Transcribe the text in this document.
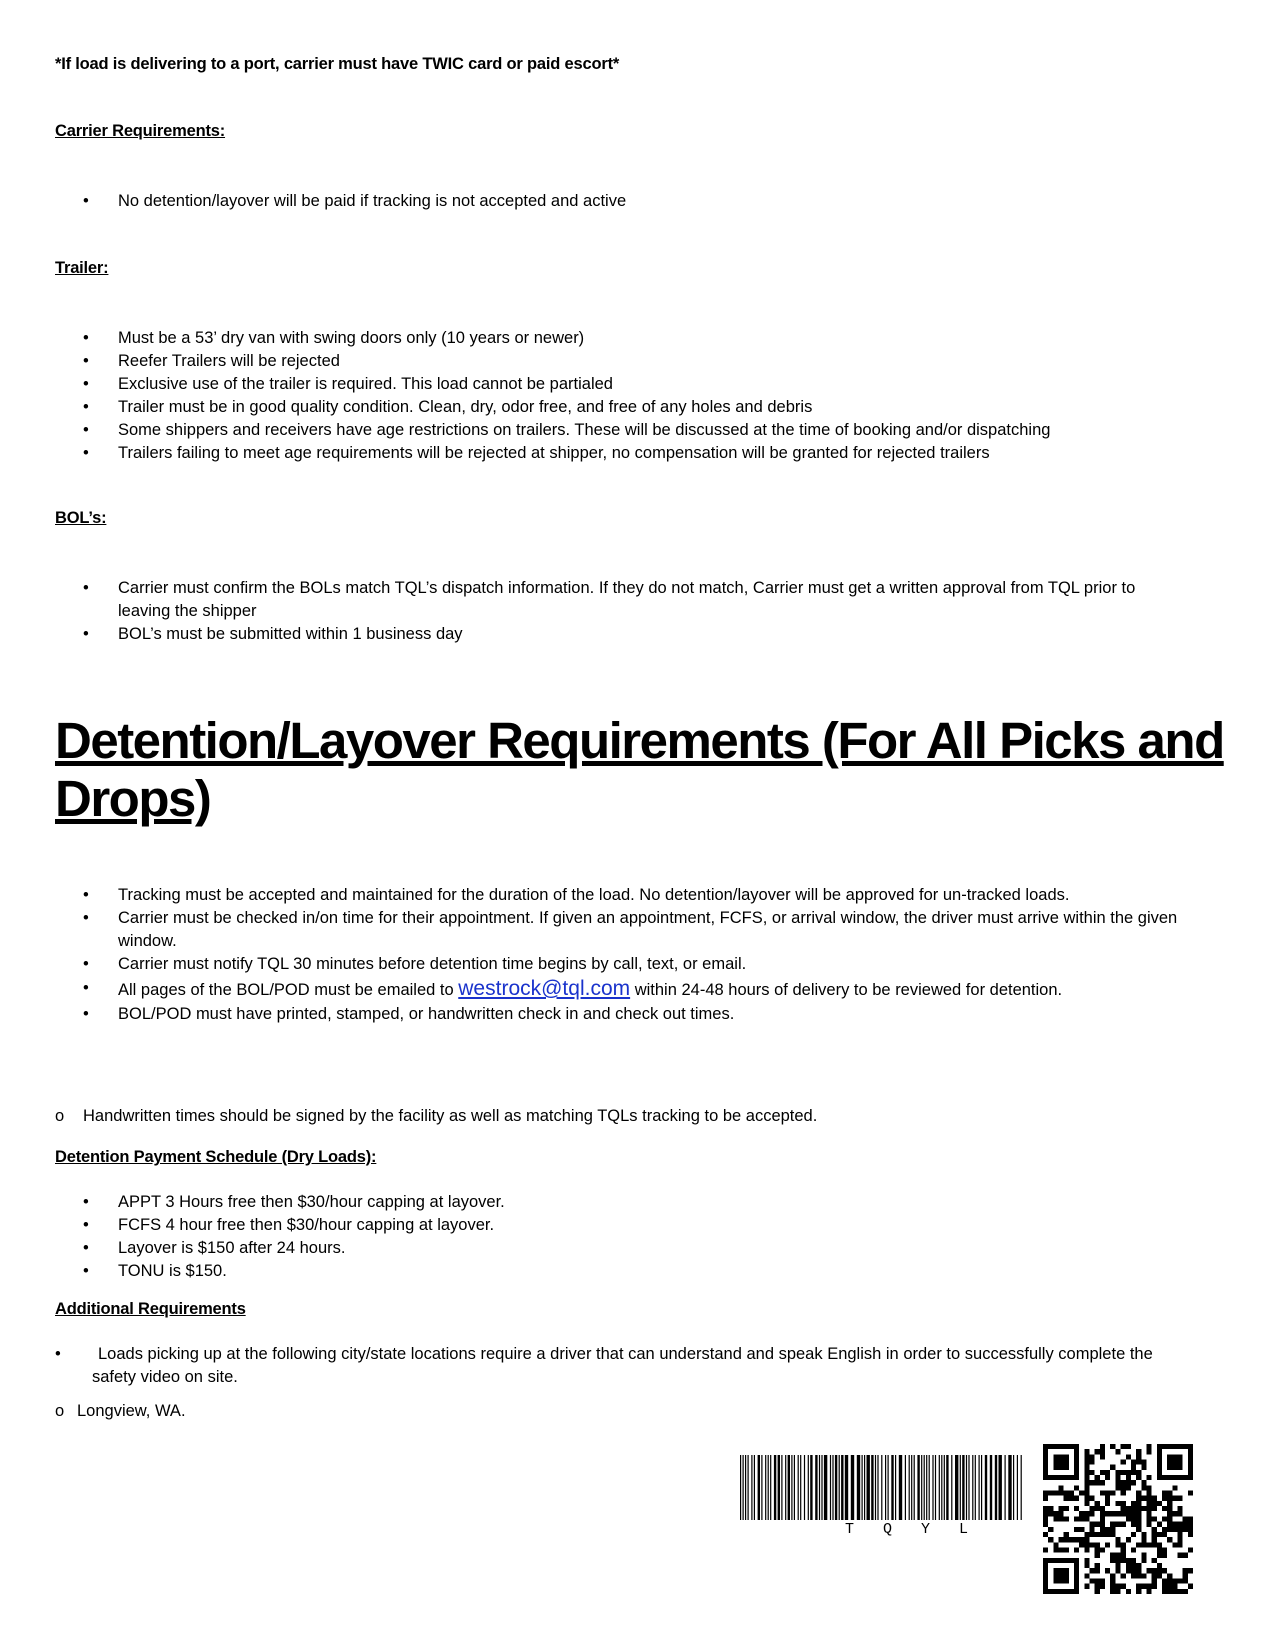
*If load is delivering to a port, carrier must have TWIC card or paid escort*
Carrier Requirements:
• No detention/layover will be paid if tracking is not accepted and active
Trailer:
• Must be a 53’ dry van with swing doors only (10 years or newer)
• Reefer Trailers will be rejected
• Exclusive use of the trailer is required. This load cannot be partialed
• Trailer must be in good quality condition. Clean, dry, odor free, and free of any holes and debris
• Some shippers and receivers have age restrictions on trailers. These will be discussed at the time of booking and/or dispatching
• Trailers failing to meet age requirements will be rejected at shipper, no compensation will be granted for rejected trailers
BOL’s:
• Carrier must confirm the BOLs match TQL’s dispatch information. If they do not match, Carrier must get a written approval from TQL prior to leaving the shipper
• BOL’s must be submitted within 1 business day
Detention/Layover Requirements (For All Picks and Drops)
• Tracking must be accepted and maintained for the duration of the load. No detention/layover will be approved for un-tracked loads.
• Carrier must be checked in/on time for their appointment. If given an appointment, FCFS, or arrival window, the driver must arrive within the given window.
• Carrier must notify TQL 30 minutes before detention time begins by call, text, or email.
• All pages of the BOL/POD must be emailed to westrock@tql.com within 24-48 hours of delivery to be reviewed for detention.
• BOL/POD must have printed, stamped, or handwritten check in and check out times.
o Handwritten times should be signed by the facility as well as matching TQLs tracking to be accepted.
Detention Payment Schedule (Dry Loads):
• APPT 3 Hours free then $30/hour capping at layover.
• FCFS 4 hour free then $30/hour capping at layover.
• Layover is $150 after 24 hours.
• TONU is $150.
Additional Requirements
• Loads picking up at the following city/state locations require a driver that can understand and speak English in order to successfully complete the safety video on site.
o Longview, WA.
T Q Y L
